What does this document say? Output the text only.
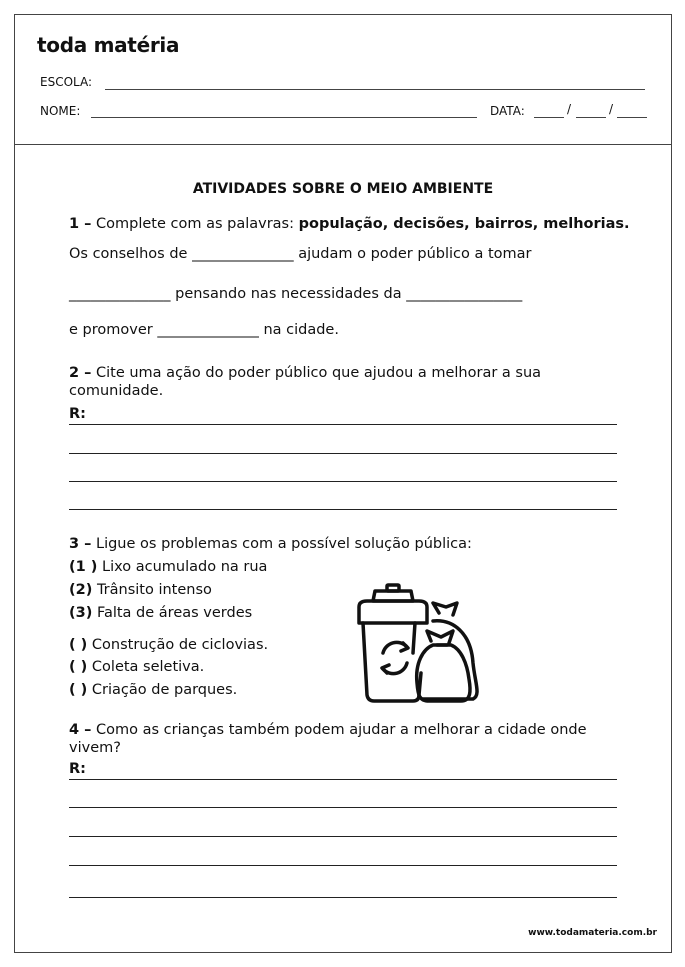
toda matéria
ESCOLA:
NOME:	DATA:	/	/
ATIVIDADES SOBRE O MEIO AMBIENTE
1 – Complete com as palavras: população, decisões, bairros, melhorias.
Os conselhos de ______________ ajudam o poder público a tomar
______________ pensando nas necessidades da ________________
e promover ______________ na cidade.
2 – Cite uma ação do poder público que ajudou a melhorar a sua
comunidade.
R:
3 – Ligue os problemas com a possível solução pública:
(1 ) Lixo acumulado na rua
(2) Trânsito intenso
(3) Falta de áreas verdes
( ) Construção de ciclovias.
( ) Coleta seletiva.
( ) Criação de parques.
4 – Como as crianças também podem ajudar a melhorar a cidade onde
vivem?
R:
www.todamateria.com.br
